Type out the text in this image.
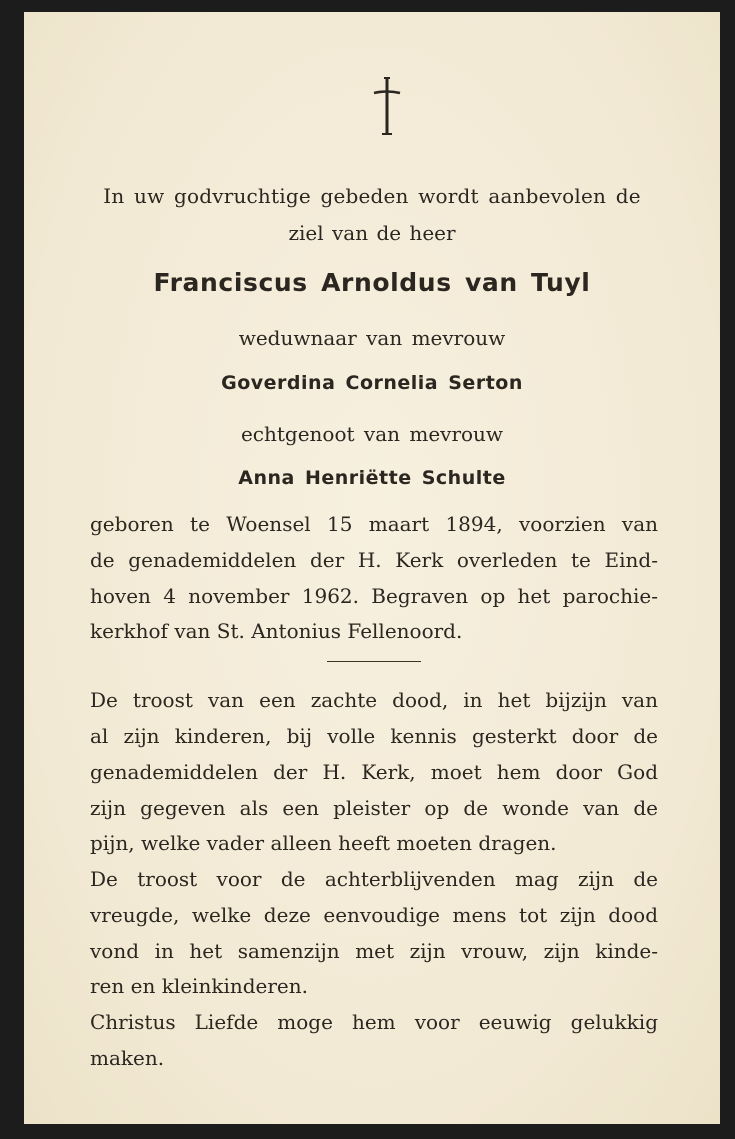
In uw godvruchtige gebeden wordt aanbevolen de
ziel van de heer
Franciscus Arnoldus van Tuyl
weduwnaar van mevrouw
Goverdina Cornelia Serton
echtgenoot van mevrouw
Anna Henriëtte Schulte
geboren te Woensel 15 maart 1894, voorzien van
de genademiddelen der H. Kerk overleden te Eind-
hoven 4 november 1962. Begraven op het parochie-
kerkhof van St. Antonius Fellenoord.
De troost van een zachte dood, in het bijzijn van
al zijn kinderen, bij volle kennis gesterkt door de
genademiddelen der H. Kerk, moet hem door God
zijn gegeven als een pleister op de wonde van de
pijn, welke vader alleen heeft moeten dragen.
De troost voor de achterblijvenden mag zijn de
vreugde, welke deze eenvoudige mens tot zijn dood
vond in het samenzijn met zijn vrouw, zijn kinde-
ren en kleinkinderen.
Christus Liefde moge hem voor eeuwig gelukkig
maken.
